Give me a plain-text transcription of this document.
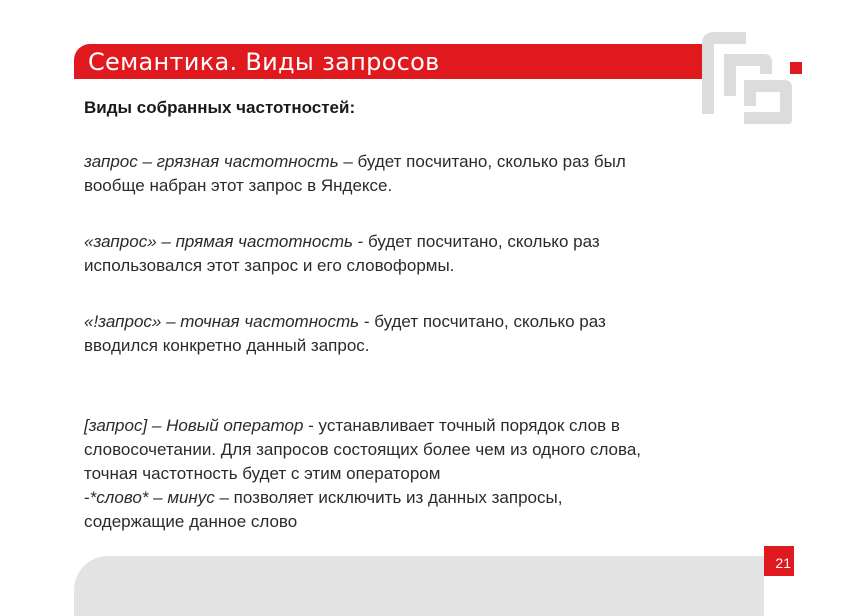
Семантика. Виды запросов
Виды собранных частотностей:
запрос – грязная частотность – будет посчитано, сколько раз был
вообще набран этот запрос в Яндексе.
«запрос» – прямая частотность - будет посчитано, сколько раз
использовался этот запрос и его словоформы.
«!запрос» – точная частотность - будет посчитано, сколько раз
вводился конкретно данный запрос.
[запрос] – Новый оператор - устанавливает точный порядок слов в
словосочетании. Для запросов состоящих более чем из одного слова,
точная частотность будет с этим оператором
-*слово* – минус – позволяет исключить из данных запросы,
содержащие данное слово
21
